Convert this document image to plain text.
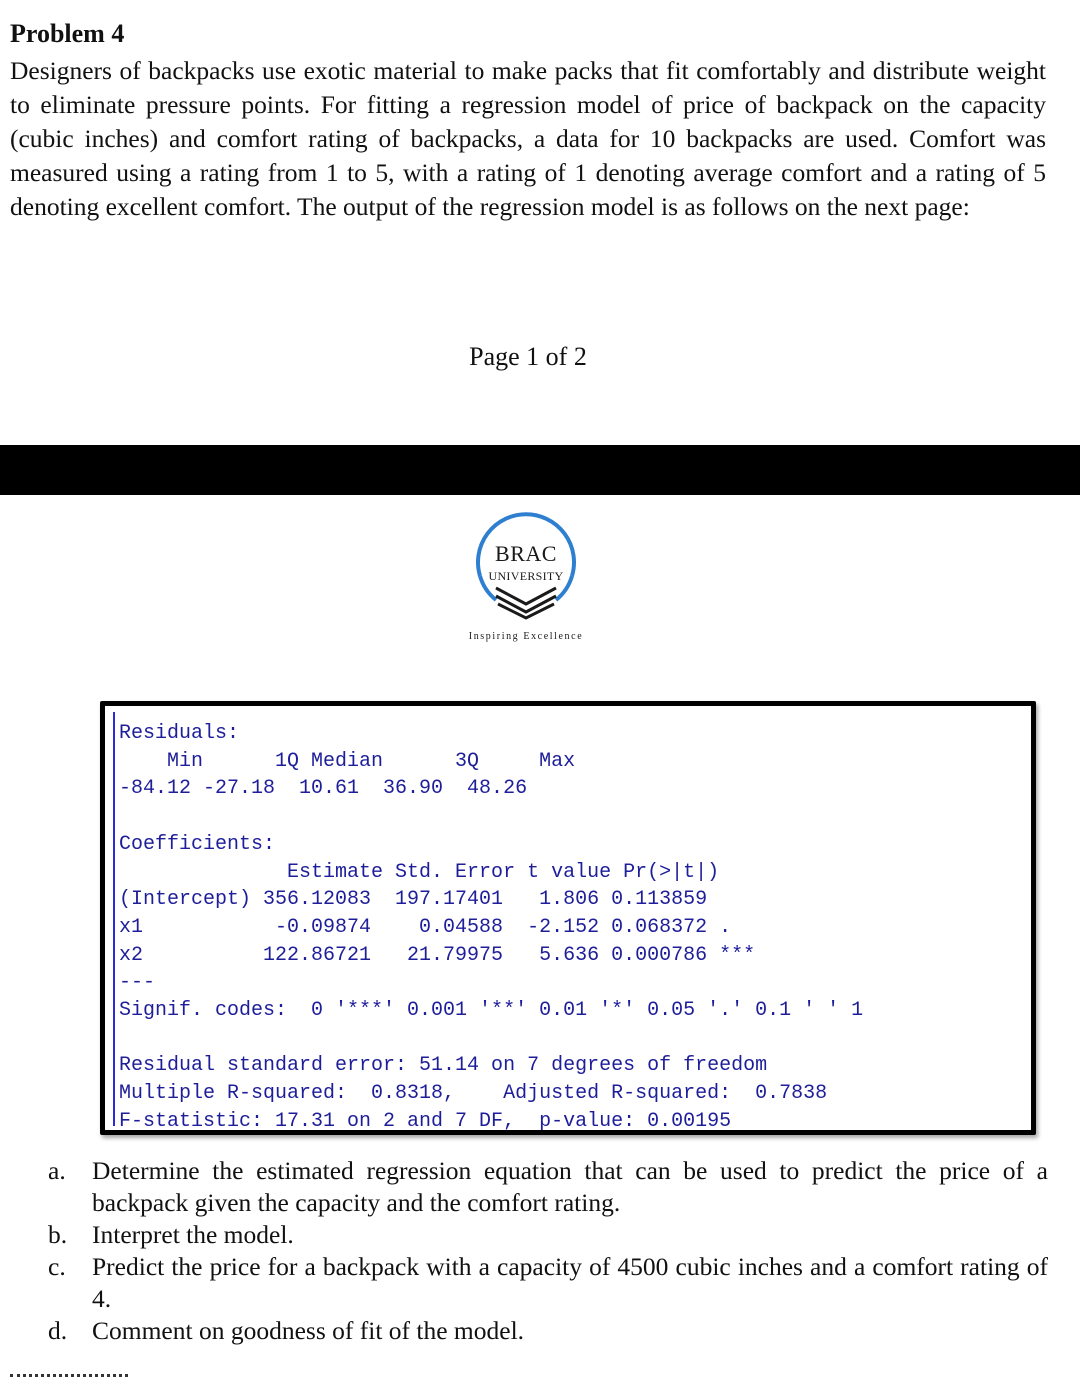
Problem 4
Designers of backpacks use exotic material to make packs that fit comfortably and distribute weight to eliminate pressure points. For fitting a regression model of price of backpack on the capacity (cubic inches) and comfort rating of backpacks, a data for 10 backpacks are used. Comfort was measured using a rating from 1 to 5, with a rating of 1 denoting average comfort and a rating of 5 denoting excellent comfort. The output of the regression model is as follows on the next page:
Page 1 of 2
BRAC
UNIVERSITY
Inspiring Excellence
Residuals:
Min      1Q Median      3Q     Max
-84.12 -27.18  10.61  36.90  48.26

Coefficients:
Estimate Std. Error t value Pr(>|t|)
(Intercept) 356.12083  197.17401   1.806 0.113859
x1           -0.09874    0.04588  -2.152 0.068372 .
x2          122.86721   21.79975   5.636 0.000786 ***
---
Signif. codes:  0 '***' 0.001 '**' 0.01 '*' 0.05 '.' 0.1 ' ' 1

Residual standard error: 51.14 on 7 degrees of freedom
Multiple R-squared:  0.8318,    Adjusted R-squared:  0.7838
F-statistic: 17.31 on 2 and 7 DF,  p-value: 0.00195
a.	Determine the estimated regression equation that can be used to predict the price of a backpack given the capacity and the comfort rating.
b. Interpret the model.
c.	Predict the price for a backpack with a capacity of 4500 cubic inches and a comfort rating of 4.
d. Comment on goodness of fit of the model.
